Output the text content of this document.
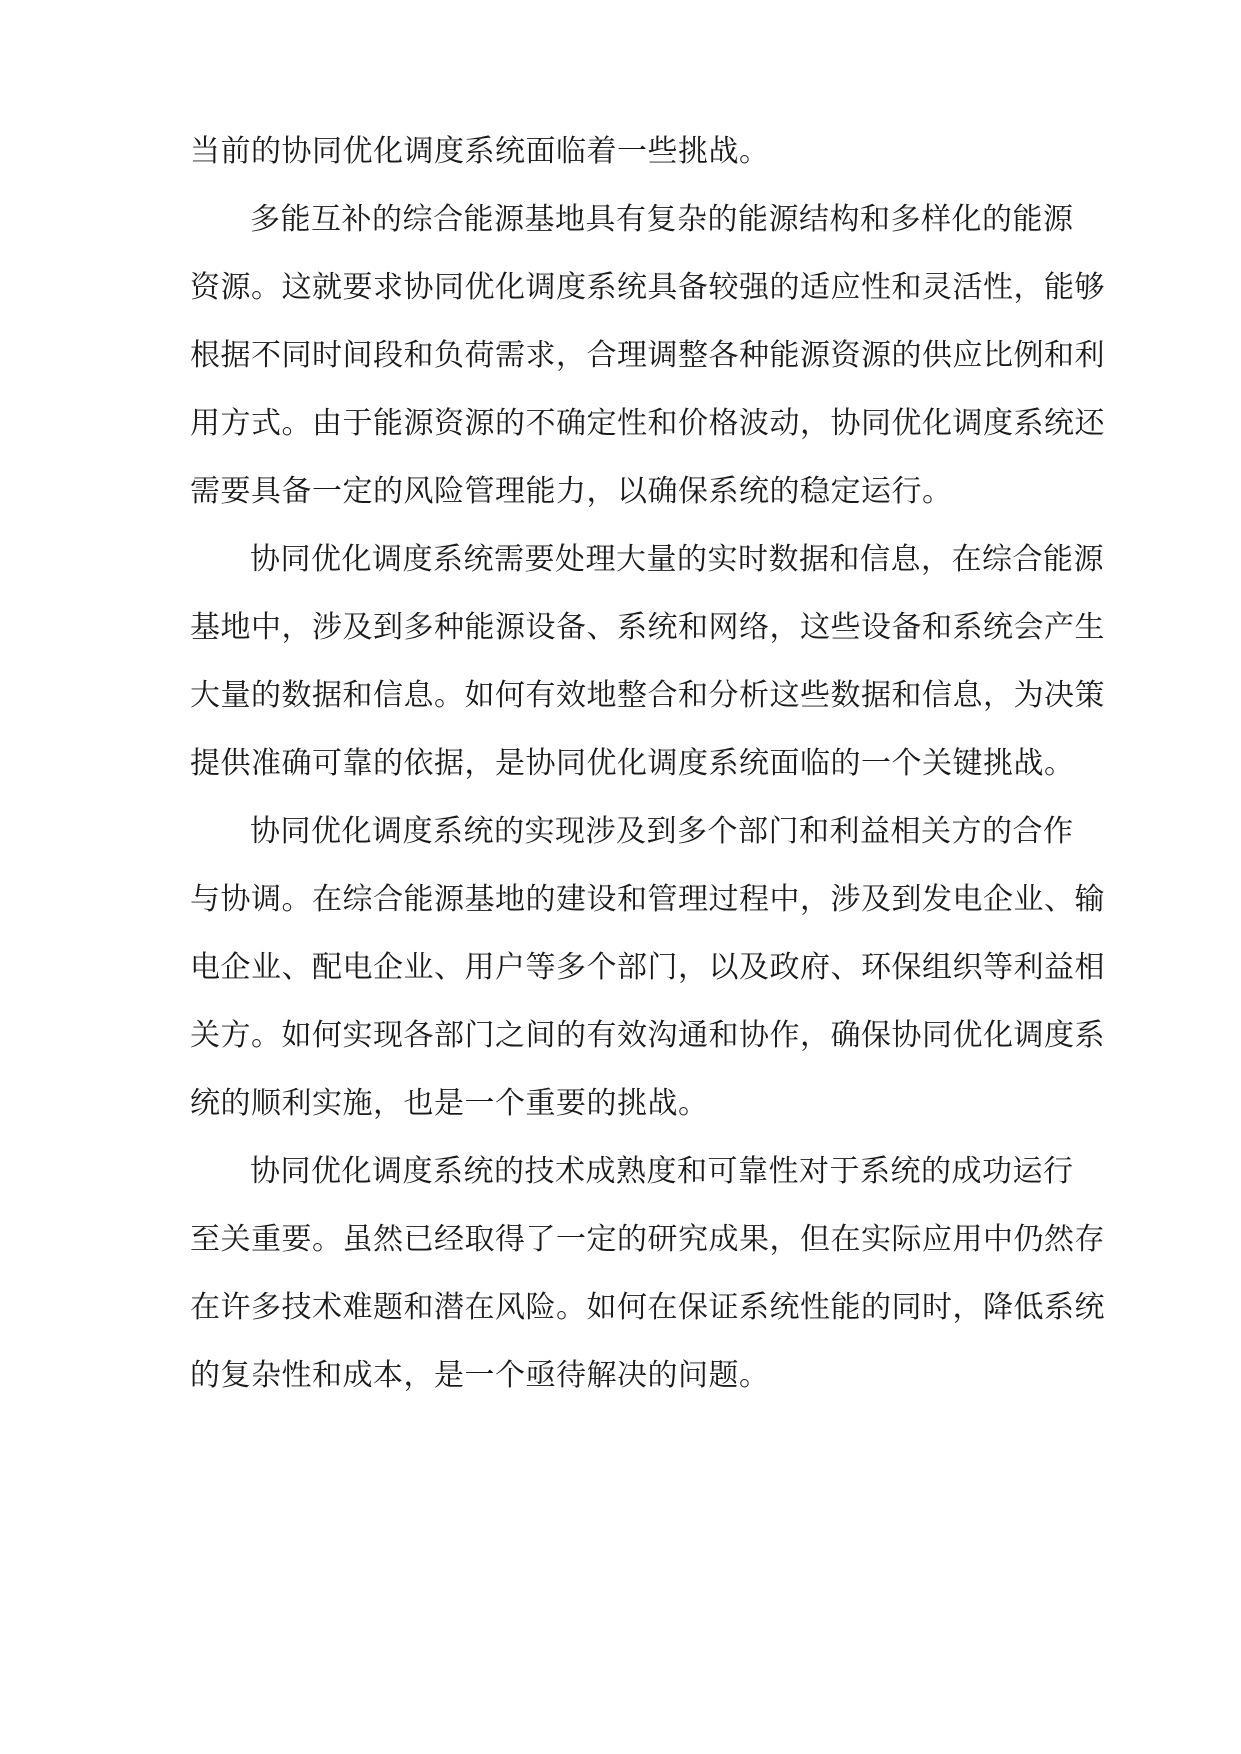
当前的协同优化调度系统面临着一些挑战。
多能互补的综合能源基地具有复杂的能源结构和多样化的能源
资源。这就要求协同优化调度系统具备较强的适应性和灵活性，能够
根据不同时间段和负荷需求，合理调整各种能源资源的供应比例和利
用方式。由于能源资源的不确定性和价格波动，协同优化调度系统还
需要具备一定的风险管理能力，以确保系统的稳定运行。
协同优化调度系统需要处理大量的实时数据和信息，在综合能源
基地中，涉及到多种能源设备、系统和网络，这些设备和系统会产生
大量的数据和信息。如何有效地整合和分析这些数据和信息，为决策
提供准确可靠的依据，是协同优化调度系统面临的一个关键挑战。
协同优化调度系统的实现涉及到多个部门和利益相关方的合作
与协调。在综合能源基地的建设和管理过程中，涉及到发电企业、输
电企业、配电企业、用户等多个部门，以及政府、环保组织等利益相
关方。如何实现各部门之间的有效沟通和协作，确保协同优化调度系
统的顺利实施，也是一个重要的挑战。
协同优化调度系统的技术成熟度和可靠性对于系统的成功运行
至关重要。虽然已经取得了一定的研究成果，但在实际应用中仍然存
在许多技术难题和潜在风险。如何在保证系统性能的同时，降低系统
的复杂性和成本，是一个亟待解决的问题。
